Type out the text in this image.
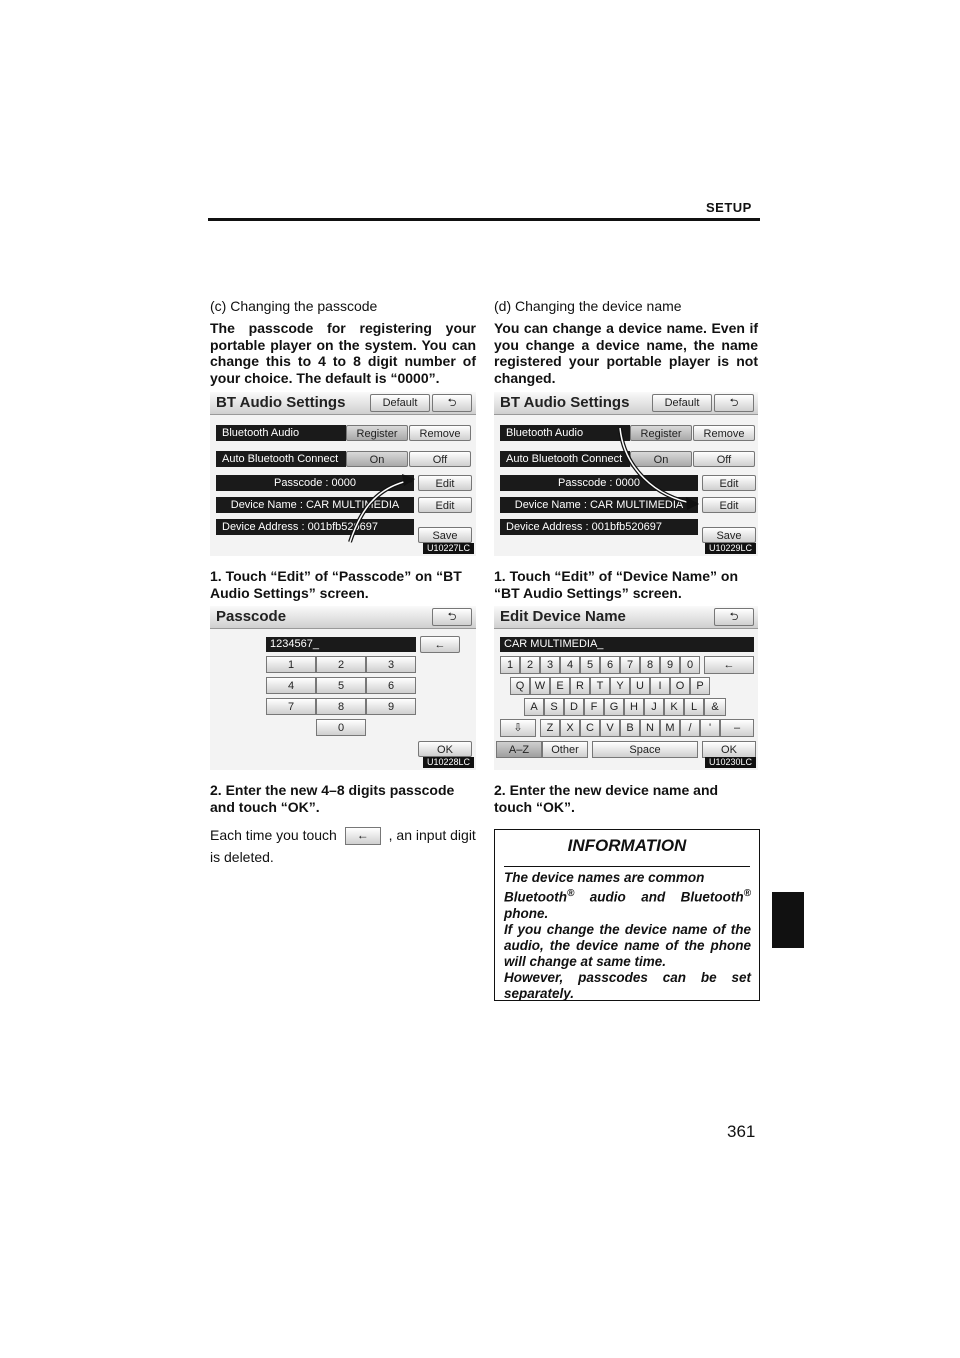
SETUP
(c) Changing the passcode
The passcode for registering your portable player on the system. You can change this to 4 to 8 digit number of your choice. The default is “0000”.
BT Audio Settings	Default	⮌
Bluetooth Audio	Register	Remove
Auto Bluetooth Connect	On	Off
Passcode : 0000	Edit
Device Name : CAR MULTIMEDIA	Edit
Device Address : 001bfb520697
Save
U10227LC
1. Touch “Edit” of “Passcode” on “BT Audio Settings” screen.
Passcode	⮌
1234567_	←
1	2	3
4	5	6
7	8	9
0
OK
U10228LC
2. Enter the new 4–8 digits passcode and touch “OK”.
Each time you touch ← , an input digit is deleted.
(d) Changing the device name
You can change a device name. Even if you change a device name, the name registered your portable player is not changed.
BT Audio Settings	Default	⮌
Bluetooth Audio	Register	Remove
Auto Bluetooth Connect	On	Off
Passcode : 0000	Edit
Device Name : CAR MULTIMEDIA	Edit
Device Address : 001bfb520697
Save
U10229LC
1. Touch “Edit” of “Device Name” on “BT Audio Settings” screen.
Edit Device Name	⮌
CAR MULTIMEDIA_
1	2	3	4	5	6	7	8	9	0	←
Q W	E	R	T	Y	U	I	O	P
A	S	D	F	G	H	J	K	L	&
⇩	Z	X	C	V	B	N	M	/	'	–
A–Z	Other	Space	OK
U10230LC
2. Enter the new device name and touch “OK”.
INFORMATION
The device names are common
Bluetooth® audio and Bluetooth®
phone.
If you change the device name of the audio, the device name of the phone will change at same time.
However, passcodes can be set separately.
361
